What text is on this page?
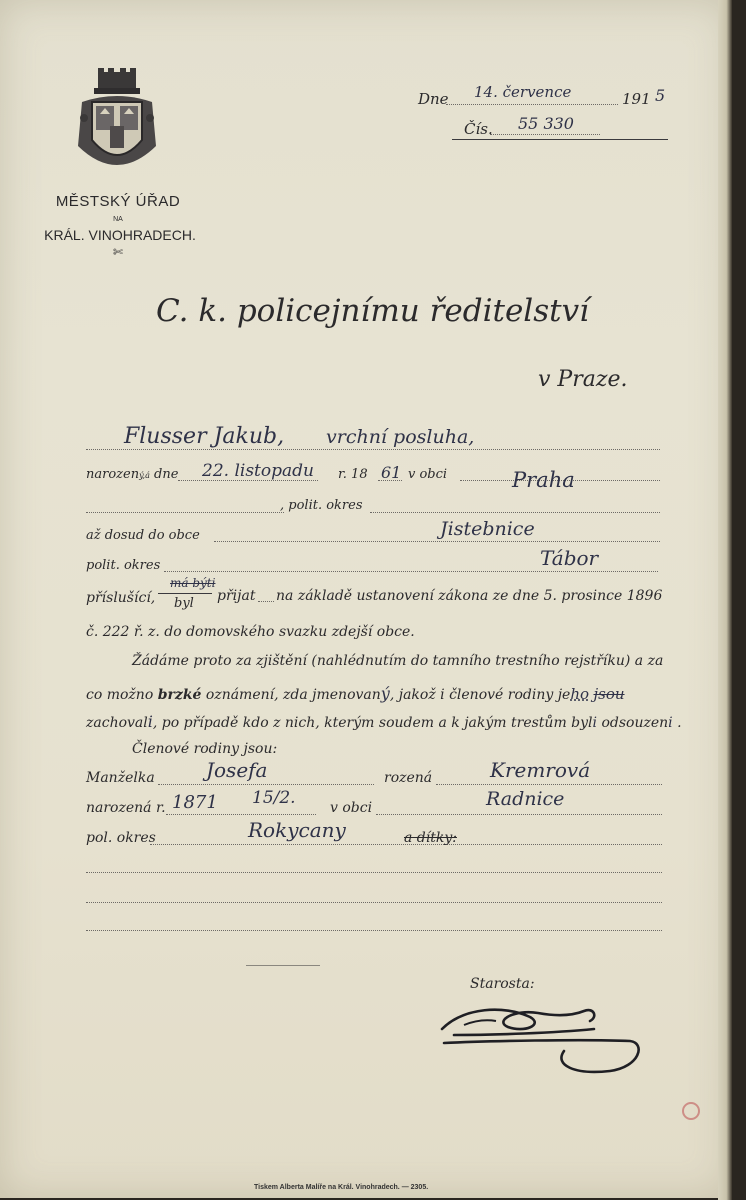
MĚSTSKÝ ÚŘAD
NA
KRÁL. VINOHRADECH.
✄
Dne 14. července	191 5
Čís. 55 330
C. k. policejnímu ředitelství
v Praze.
Flusser Jakub, vrchní posluha,
narozený,á dne 22. listopadu r. 18 61 v obci	Praha
, polit. okres
až dosud do obce	Jistebnice
polit. okres	Tábor
příslušící,
má býti
byl přijat na základě ustanovení zákona ze dne 5. prosince 1896
č. 222 ř. z. do domovského svazku zdejší obce.
Žádáme proto za zjištění (nahlédnutím do tamního trestního rejstříku) a za
co možno brzké oznámení, zda jmenovaný, jakož i členové rodiny jeho jsou
zachovali, po případě kdo z nich, kterým soudem a k jakým trestům byli odsouzeni .
Členové rodiny jsou:
Manželka	Josefa	rozená	Kremrová
narozená r. 1871 15/2. v obci	Radnice
pol. okres	Rokycany	a dítky:
Starosta:
Tiskem Alberta Malíře na Král. Vinohradech. — 2305.
